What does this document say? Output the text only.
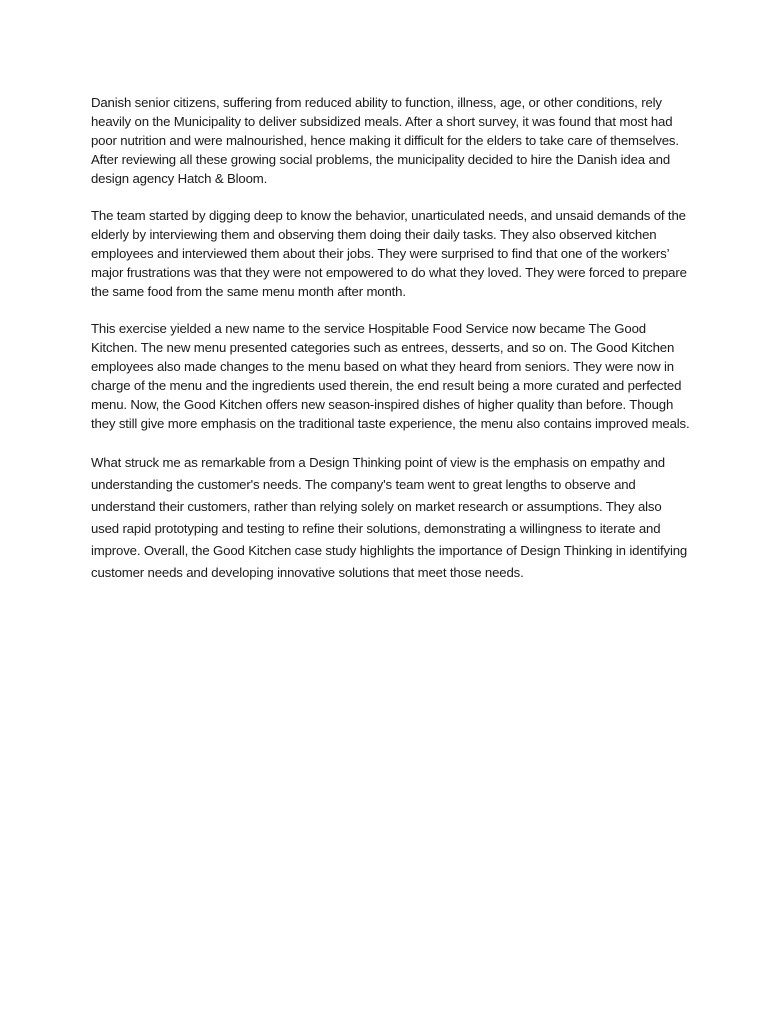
Danish senior citizens, suffering from reduced ability to function, illness, age, or other conditions, rely heavily on the Municipality to deliver subsidized meals. After a short survey, it was found that most had poor nutrition and were malnourished, hence making it difficult for the elders to take care of themselves. After reviewing all these growing social problems, the municipality decided to hire the Danish idea and design agency Hatch & Bloom.

The team started by digging deep to know the behavior, unarticulated needs, and unsaid demands of the elderly by interviewing them and observing them doing their daily tasks. They also observed kitchen employees and interviewed them about their jobs. They were surprised to find that one of the workers’ major frustrations was that they were not empowered to do what they loved. They were forced to prepare the same food from the same menu month after month.

This exercise yielded a new name to the service Hospitable Food Service now became The Good Kitchen. The new menu presented categories such as entrees, desserts, and so on. The Good Kitchen employees also made changes to the menu based on what they heard from seniors. They were now in charge of the menu and the ingredients used therein, the end result being a more curated and perfected menu. Now, the Good Kitchen offers new season-inspired dishes of higher quality than before. Though they still give more emphasis on the traditional taste experience, the menu also contains improved meals.

What struck me as remarkable from a Design Thinking point of view is the emphasis on empathy and understanding the customer's needs. The company's team went to great lengths to observe and understand their customers, rather than relying solely on market research or assumptions. They also used rapid prototyping and testing to refine their solutions, demonstrating a willingness to iterate and improve. Overall, the Good Kitchen case study highlights the importance of Design Thinking in identifying customer needs and developing innovative solutions that meet those needs.
